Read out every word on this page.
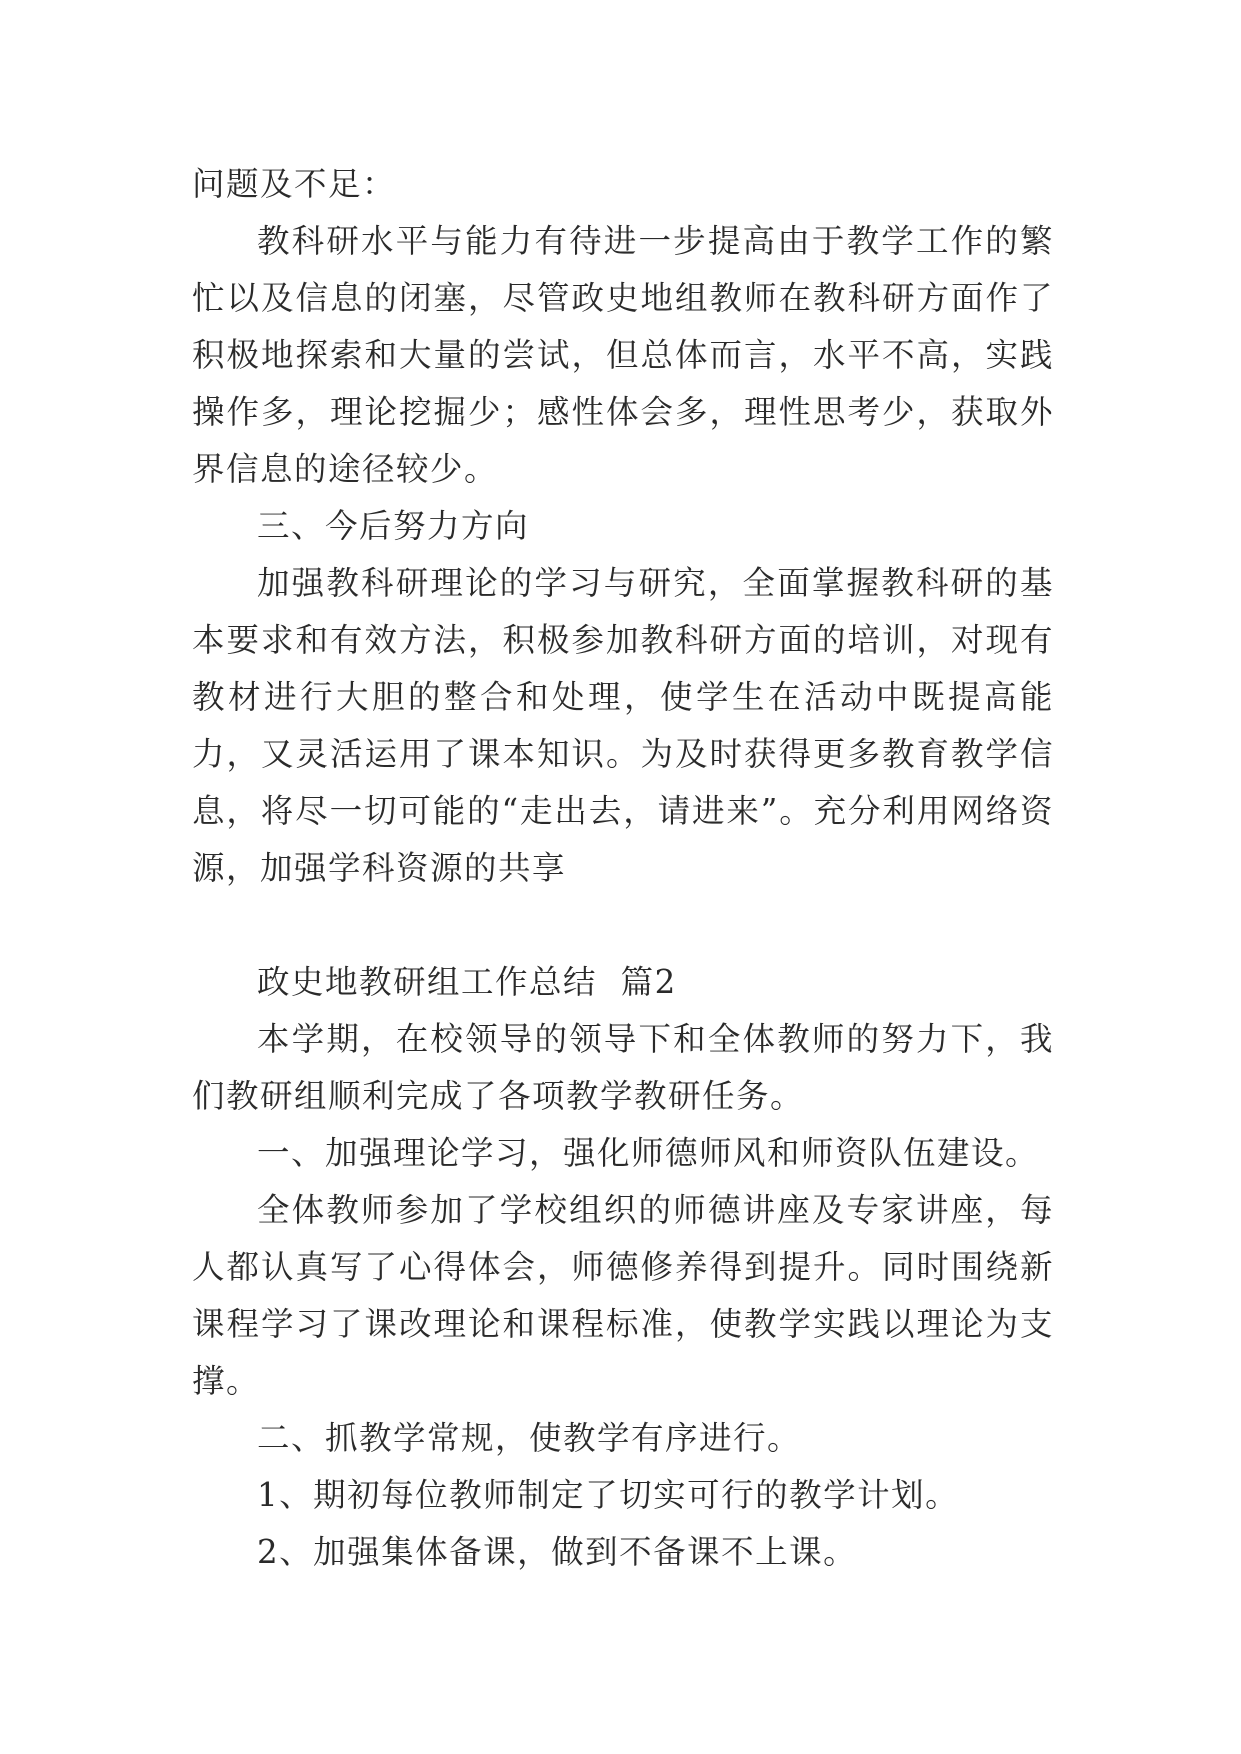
问题及不足：

教科研水平与能力有待进一步提高由于教学工作的繁忙以及信息的闭塞，尽管政史地组教师在教科研方面作了积极地探索和大量的尝试，但总体而言，水平不高，实践操作多，理论挖掘少；感性体会多，理性思考少，获取外界信息的途径较少。

三、今后努力方向

加强教科研理论的学习与研究，全面掌握教科研的基本要求和有效方法，积极参加教科研方面的培训，对现有教材进行大胆的整合和处理，使学生在活动中既提高能力，又灵活运用了课本知识。为及时获得更多教育教学信息，将尽一切可能的“走出去，请进来”。充分利用网络资源，加强学科资源的共享

政史地教研组工作总结  篇2

本学期，在校领导的领导下和全体教师的努力下，我们教研组顺利完成了各项教学教研任务。

一、加强理论学习，强化师德师风和师资队伍建设。

全体教师参加了学校组织的师德讲座及专家讲座，每人都认真写了心得体会，师德修养得到提升。同时围绕新课程学习了课改理论和课程标准，使教学实践以理论为支撑。

二、抓教学常规，使教学有序进行。

1、期初每位教师制定了切实可行的教学计划。

2、加强集体备课，做到不备课不上课。
